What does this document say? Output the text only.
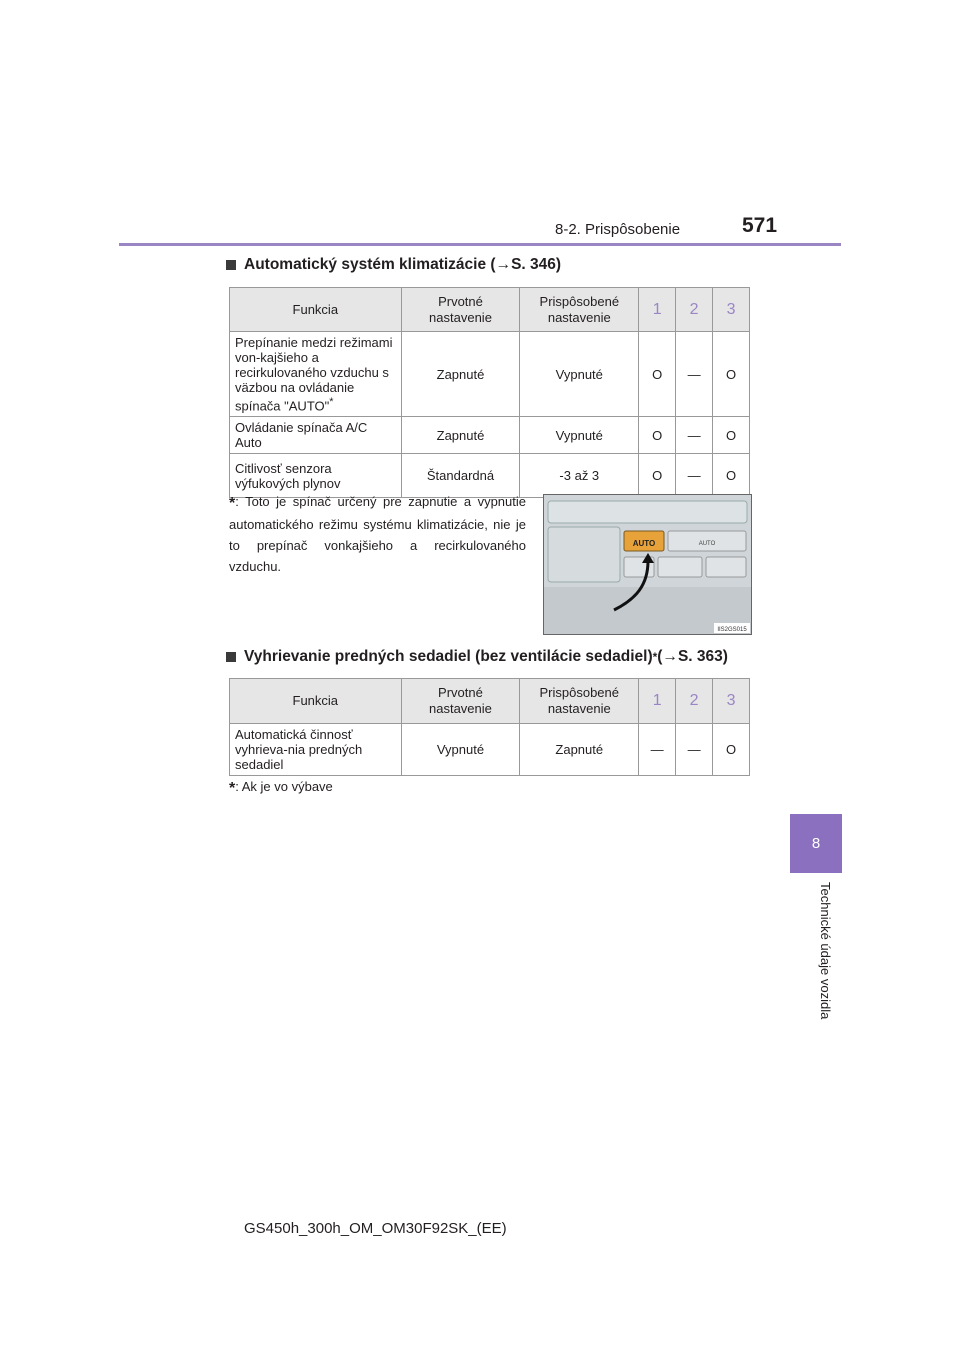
8-2. Prispôsobenie	571
8
Technické údaje vozidla
Automatický systém klimatizácie ( → S. 346)
Funkcia	Prvotné nastavenie	Prispôsobené nastavenie	1	2	3
Prepínanie medzi režimami von-kajšieho a recirkulovaného vzduchu s väzbou na ovládanie spínača "AUTO"*	Zapnuté	Vypnuté	O	—	O
Ovládanie spínača A/C Auto	Zapnuté	Vypnuté	O	—	O
Citlivosť senzora výfukových plynov	Štandardná	-3 až 3	O	—	O
*: Toto je spínač určený pre zapnutie a vypnutie automatického režimu systému klimatizácie, nie je to prepínač vonkajšieho a recirkulovaného vzduchu.
AUTO	AUTO
IIS2GS015
Vyhrievanie predných sedadiel (bez ventilácie sedadiel) * ( → S. 363)
Funkcia	Prvotné nastavenie	Prispôsobené nastavenie	1	2	3
Automatická činnosť vyhrieva-nia predných sedadiel	Vypnuté	Zapnuté	—	—	O
*: Ak je vo výbave
GS450h_300h_OM_OM30F92SK_(EE)
